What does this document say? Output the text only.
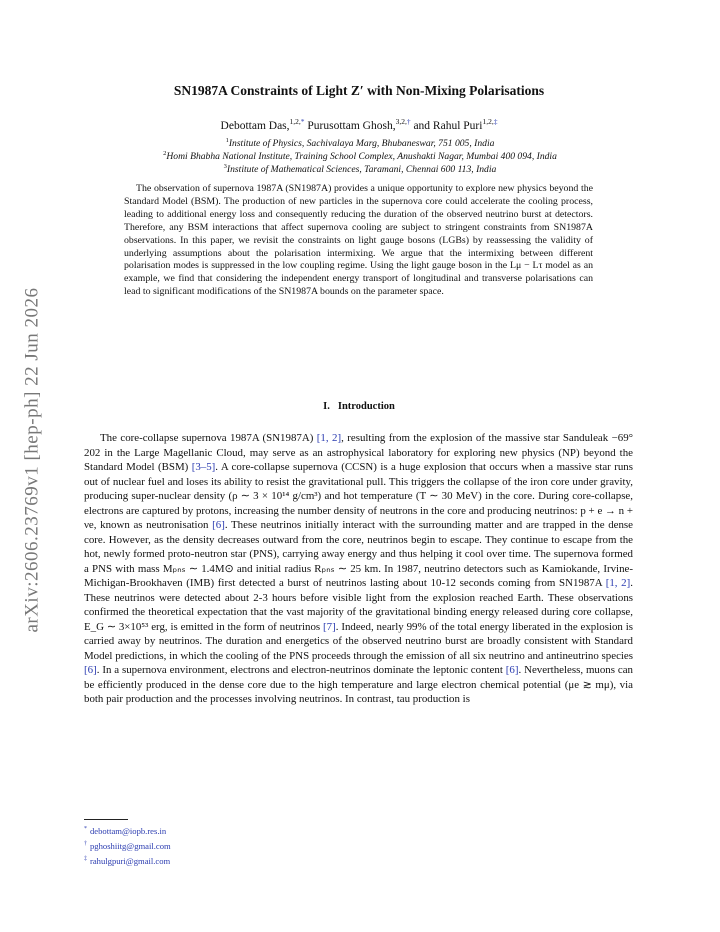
arXiv:2606.23769v1 [hep-ph] 22 Jun 2026
SN1987A Constraints of Light Z′ with Non-Mixing Polarisations
Debottam Das,$^{1,2,*}$ Purusottam Ghosh,$^{3,2,\dagger}$ and Rahul Puri$^{1,2,\ddagger}$
$^1$Institute of Physics, Sachivalaya Marg, Bhubaneswar, 751 005, India
$^2$Homi Bhabha National Institute, Training School Complex, Anushakti Nagar, Mumbai 400 094, India
$^3$Institute of Mathematical Sciences, Taramani, Chennai 600 113, India

The observation of supernova 1987A (SN1987A) provides a unique opportunity to explore new physics beyond the Standard Model (BSM). The production of new particles in the supernova core could accelerate the cooling process, leading to additional energy loss and consequently reducing the duration of the observed neutrino burst at detectors. Therefore, any BSM interactions that affect supernova cooling are subject to stringent constraints from SN1987A observations. In this paper, we revisit the constraints on light gauge bosons (LGBs) by reassessing the validity of underlying assumptions about the polarisation intermixing. We argue that the intermixing between different polarisation modes is suppressed in the low coupling regime. Using the light gauge boson in the Lμ − Lτ model as an example, we find that considering the independent energy transport of longitudinal and transverse polarisations can lead to significant modifications of the SN1987A bounds on the parameter space.

I. Introduction

The core-collapse supernova 1987A (SN1987A) [1, 2], resulting from the explosion of the massive star Sanduleak −69° 202 in the Large Magellanic Cloud, may serve as an astrophysical laboratory for exploring new physics (NP) beyond the Standard Model (BSM) [3–5]. A core-collapse supernova (CCSN) is a huge explosion that occurs when a massive star runs out of nuclear fuel and loses its ability to resist the gravitational pull. This triggers the collapse of the iron core under gravity, producing super-nuclear density (ρ ∼ 3 × 10¹⁴ g/cm³) and hot temperature (T ∼ 30 MeV) in the core. During core-collapse, electrons are captured by protons, increasing the number density of neutrons in the core and producing neutrinos: p + e → n + νe, known as neutronisation [6]. These neutrinos initially interact with the surrounding matter and are trapped in the dense core. However, as the density decreases outward from the core, neutrinos begin to escape. They continue to escape from the hot, newly formed proto-neutron star (PNS), carrying away energy and thus helping it cool over time. The supernova formed a PNS with mass Mₚₙₛ ∼ 1.4M⊙ and initial radius Rₚₙₛ ∼ 25 km. In 1987, neutrino detectors such as Kamiokande, Irvine-Michigan-Brookhaven (IMB) first detected a burst of neutrinos lasting about 10-12 seconds coming from SN1987A [1, 2]. These neutrinos were detected about 2-3 hours before visible light from the explosion reached Earth. These observations confirmed the theoretical expectation that the vast majority of the gravitational binding energy released during core collapse, E_G ∼ 3×10⁵³ erg, is emitted in the form of neutrinos [7]. Indeed, nearly 99% of the total energy liberated in the explosion is carried away by neutrinos. The duration and energetics of the observed neutrino burst are broadly consistent with Standard Model predictions, in which the cooling of the PNS proceeds through the emission of all six neutrino and antineutrino species [6]. In a supernova environment, electrons and electron-neutrinos dominate the leptonic content [6]. Nevertheless, muons can be efficiently produced in the dense core due to the high temperature and large electron chemical potential (μe ≳ mμ), via both pair production and the processes involving neutrinos. In contrast, tau production is

* debottam@iopb.res.in
† pghoshiitg@gmail.com
‡ rahulgpuri@gmail.com
